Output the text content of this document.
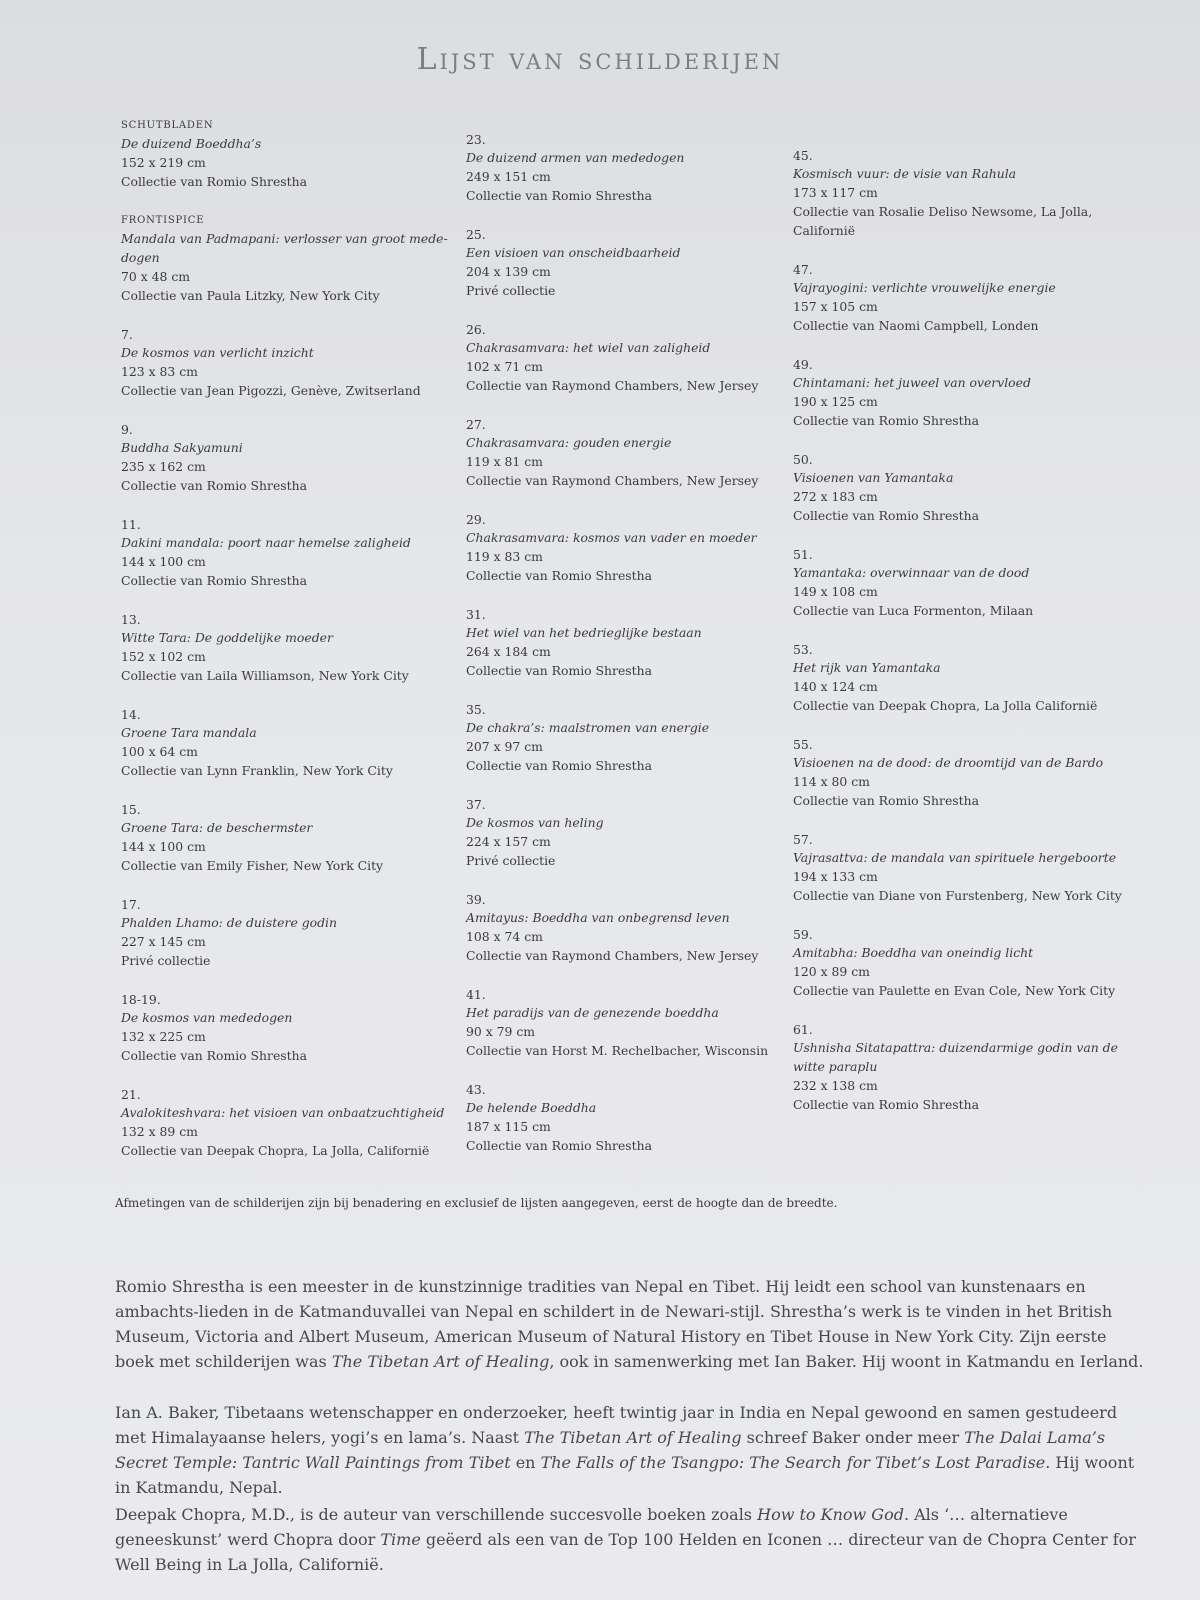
Lijst van schilderijen
SCHUTBLADEN
De duizend Boeddha’s
152 x 219 cm
Collectie van Romio Shrestha
FRONTISPICE
Mandala van Padmapani: verlosser van groot mede-dogen
70 x 48 cm
Collectie van Paula Litzky, New York City
7.
De kosmos van verlicht inzicht
123 x 83 cm
Collectie van Jean Pigozzi, Genève, Zwitserland
9.
Buddha Sakyamuni
235 x 162 cm
Collectie van Romio Shrestha
11.
Dakini mandala: poort naar hemelse zaligheid
144 x 100 cm
Collectie van Romio Shrestha
13.
Witte Tara: De goddelijke moeder
152 x 102 cm
Collectie van Laila Williamson, New York City
14.
Groene Tara mandala
100 x 64 cm
Collectie van Lynn Franklin, New York City
15.
Groene Tara: de beschermster
144 x 100 cm
Collectie van Emily Fisher, New York City
17.
Phalden Lhamo: de duistere godin
227 x 145 cm
Privé collectie
18-19.
De kosmos van mededogen
132 x 225 cm
Collectie van Romio Shrestha
21.
Avalokiteshvara: het visioen van onbaatzuchtigheid
132 x 89 cm
Collectie van Deepak Chopra, La Jolla, Californië
23.
De duizend armen van mededogen
249 x 151 cm
Collectie van Romio Shrestha
25.
Een visioen van onscheidbaarheid
204 x 139 cm
Privé collectie
26.
Chakrasamvara: het wiel van zaligheid
102 x 71 cm
Collectie van Raymond Chambers, New Jersey
27.
Chakrasamvara: gouden energie
119 x 81 cm
Collectie van Raymond Chambers, New Jersey
29.
Chakrasamvara: kosmos van vader en moeder
119 x 83 cm
Collectie van Romio Shrestha
31.
Het wiel van het bedrieglijke bestaan
264 x 184 cm
Collectie van Romio Shrestha
35.
De chakra’s: maalstromen van energie
207 x 97 cm
Collectie van Romio Shrestha
37.
De kosmos van heling
224 x 157 cm
Privé collectie
39.
Amitayus: Boeddha van onbegrensd leven
108 x 74 cm
Collectie van Raymond Chambers, New Jersey
41.
Het paradijs van de genezende boeddha
90 x 79 cm
Collectie van Horst M. Rechelbacher, Wisconsin
43.
De helende Boeddha
187 x 115 cm
Collectie van Romio Shrestha
45.
Kosmisch vuur: de visie van Rahula
173 x 117 cm
Collectie van Rosalie Deliso Newsome, La Jolla, Californië
47.
Vajrayogini: verlichte vrouwelijke energie
157 x 105 cm
Collectie van Naomi Campbell, Londen
49.
Chintamani: het juweel van overvloed
190 x 125 cm
Collectie van Romio Shrestha
50.
Visioenen van Yamantaka
272 x 183 cm
Collectie van Romio Shrestha
51.
Yamantaka: overwinnaar van de dood
149 x 108 cm
Collectie van Luca Formenton, Milaan
53.
Het rijk van Yamantaka
140 x 124 cm
Collectie van Deepak Chopra, La Jolla Californië
55.
Visioenen na de dood: de droomtijd van de Bardo
114 x 80 cm
Collectie van Romio Shrestha
57.
Vajrasattva: de mandala van spirituele hergeboorte
194 x 133 cm
Collectie van Diane von Furstenberg, New York City
59.
Amitabha: Boeddha van oneindig licht
120 x 89 cm
Collectie van Paulette en Evan Cole, New York City
61.
Ushnisha Sitatapattra: duizendarmige godin van de witte paraplu
232 x 138 cm
Collectie van Romio Shrestha
Afmetingen van de schilderijen zijn bij benadering en exclusief de lijsten aangegeven, eerst de hoogte dan de breedte.

Romio Shrestha is een meester in de kunstzinnige tradities van Nepal en Tibet. Hij leidt een school van kunstenaars en ambachts-lieden in de Katmanduvallei van Nepal en schildert in de Newari-stijl. Shrestha’s werk is te vinden in het British Museum, Victoria and Albert Museum, American Museum of Natural History en Tibet House in New York City. Zijn eerste boek met schilderijen was The Tibetan Art of Healing, ook in samenwerking met Ian Baker. Hij woont in Katmandu en Ierland.

Ian A. Baker, Tibetaans wetenschapper en onderzoeker, heeft twintig jaar in India en Nepal gewoond en samen gestudeerd met Himalayaanse helers, yogi’s en lama’s. Naast The Tibetan Art of Healing schreef Baker onder meer The Dalai Lama’s Secret Temple: Tantric Wall Paintings from Tibet en The Falls of the Tsangpo: The Search for Tibet’s Lost Paradise. Hij woont in Katmandu, Nepal.

Deepak Chopra, M.D., is de auteur van verschillende succesvolle boeken zoals How to Know God. Als ‘… alternatieve geneeskunst’ werd Chopra door Time geëerd als een van de Top 100 Helden en Iconen … directeur van de Chopra Center for Well Being in La Jolla, Californië.
